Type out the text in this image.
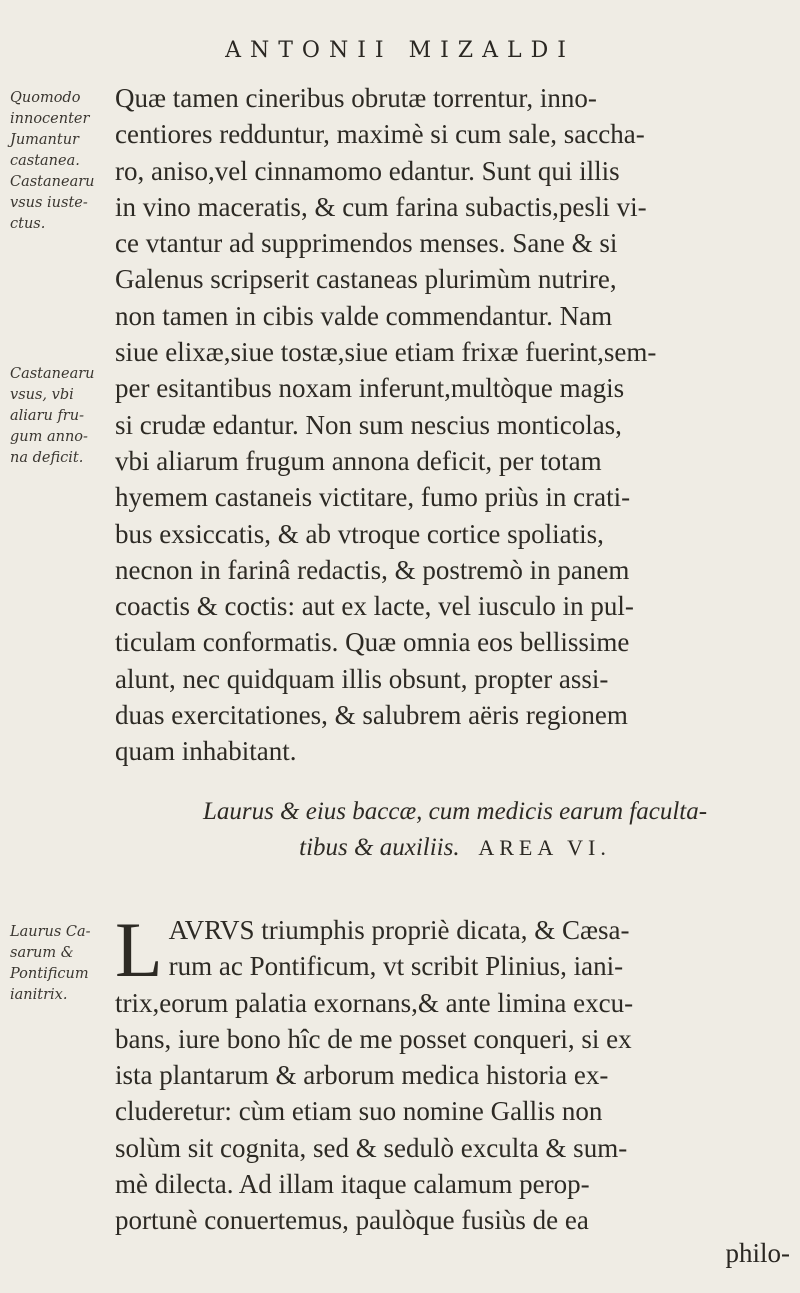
ANTONII MIZALDI
Quomodo
innocenter
Jumantur
castanea.
Castanearu
vsus iuste-
ctus.
Castanearu
vsus, vbi
aliaru fru-
gum anno-
na deficit.
Laurus Ca-
sarum &
Pontificum
ianitrix.
Quæ tamen cineribus obrutæ torrentur, inno-
centiores redduntur, maximè si cum sale, saccha-
ro, aniso,vel cinnamomo edantur. Sunt qui illis
in vino maceratis, & cum farina subactis,pesli vi-
ce vtantur ad supprimendos menses. Sane & si
Galenus scripserit castaneas plurimùm nutrire,
non tamen in cibis valde commendantur. Nam
siue elixæ,siue tostæ,siue etiam frixæ fuerint,sem-
per esitantibus noxam inferunt,multòque magis
si crudæ edantur. Non sum nescius monticolas,
vbi aliarum frugum annona deficit, per totam
hyemem castaneis victitare, fumo priùs in crati-
bus exsiccatis, & ab vtroque cortice spoliatis,
necnon in farinâ redactis, & postremò in panem
coactis & coctis: aut ex lacte, vel iusculo in pul-
ticulam conformatis. Quæ omnia eos bellissime
alunt, nec quidquam illis obsunt, propter assi-
duas exercitationes, & salubrem aëris regionem
quam inhabitant.
Laurus & eius baccæ, cum medicis earum faculta-
tibus & auxiliis. AREA VI.
L AVRVS triumphis propriè dicata, & Cæsa-
rum ac Pontificum, vt scribit Plinius, iani-
trix,eorum palatia exornans,& ante limina excu-
bans, iure bono hîc de me posset conqueri, si ex
ista plantarum & arborum medica historia ex-
cluderetur: cùm etiam suo nomine Gallis non
solùm sit cognita, sed & sedulò exculta & sum-
mè dilecta. Ad illam itaque calamum perop-
portunè conuertemus, paulòque fusiùs de ea
philo-
